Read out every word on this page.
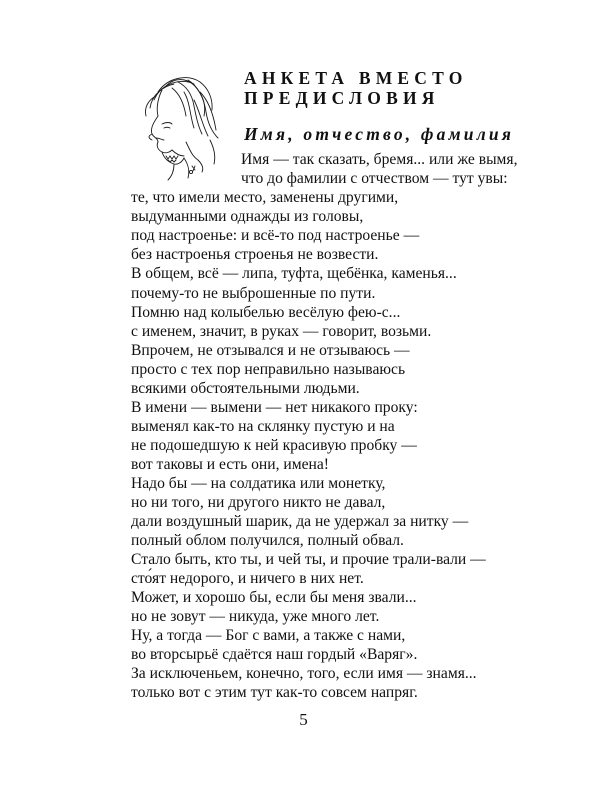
АНКЕТА ВМЕСТО
ПРЕДИСЛОВИЯ
Имя, отчество, фамилия
Имя — так сказать, бремя... или же вымя,
что до фамилии с отчеством — тут увы:
те, что имели место, заменены другими,
выдуманными однажды из головы,
под настроенье: и всё-то под настроенье —
без настроенья строенья не возвести.
В общем, всё — липа, туфта, щебёнка, каменья...
почему-то не выброшенные по пути.
Помню над колыбелью весёлую фею-с...
с именем, значит, в руках — говорит, возьми.
Впрочем, не отзывался и не отзываюсь —
просто с тех пор неправильно называюсь
всякими обстоятельными людьми.
В имени — вымени — нет никакого проку:
выменял как-то на склянку пустую и на
не подошедшую к ней красивую пробку —
вот таковы и есть они, имена!
Надо бы — на солдатика или монетку,
но ни того, ни другого никто не давал,
дали воздушный шарик, да не удержал за нитку —
полный облом получился, полный обвал.
Стало быть, кто ты, и чей ты, и прочие трали-вали —
сто́ят недорого, и ничего в них нет.
Может, и хорошо бы, если бы меня звали...
но не зовут — никуда, уже много лет.
Ну, а тогда — Бог с вами, а также с нами,
во вторсырьё сдаётся наш гордый «Варяг».
За исключеньем, конечно, того, если имя — знамя...
только вот с этим тут как-то совсем напряг.
5
